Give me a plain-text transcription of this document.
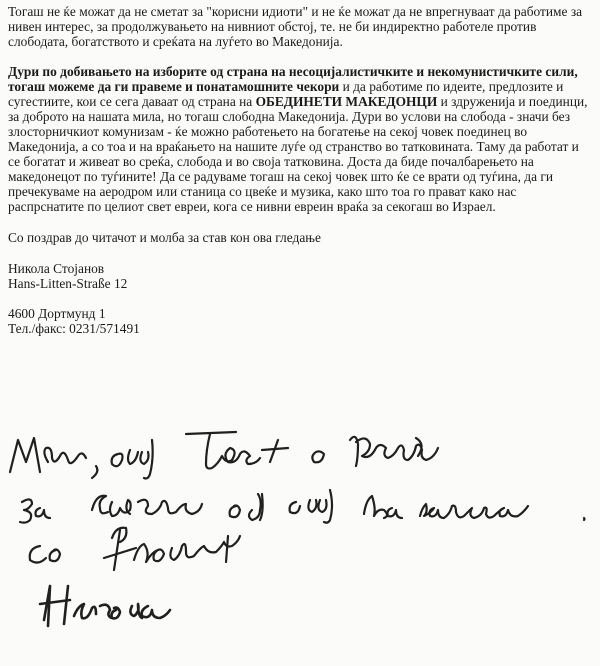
Тогаш не ќе можат да не сметат за "корисни идиоти" и не ќе можат да не впрегнуваат да работиме за нивен интерес, за продолжувањето на нивниот обстој, те. не би индиректно работеле против слободата, богатството и среќата на луѓето во Македонија.

Дури по добивањето на изборите од страна на несоцијалистичките и некомунистичките сили, тогаш можеме да ги правеме и понатамошните чекори и да работиме по идеите, предлозите и сугестиите, кои се сега даваат од страна на ОБЕДИНЕТИ МАКЕДОНЦИ и здружениja и поединци, за доброто на нашата мила, но тогаш слободна Македонија. Дури во услови на слобода - значи без злосторничкиот комунизам - ќе можно работењето на богатење на секој човек поединец во Македонија, а со тоа и на враќањето на нашите луѓе од странство во татковината. Таму да работат и се богатат и живеат во среќа, слобода и во своја татковина. Доста да биде почалбарењето на македонецот по туѓините! Да се радуваме тогаш на секој човек што ќе се врати од туѓина, да ги пречекуваме на аеродром или станица со цвеќе и музика, како што тоа го прават како нас распрснатите по целиот свет евреи, кога се нивни евреин враќа за секогаш во Израел.

Со поздрав до читачот и молба за став кон ова гледање

Никола Стојанов

Hans-Litten-Straße 12

4600 Дортмунд 1

Тел./факс: 0231/571491
